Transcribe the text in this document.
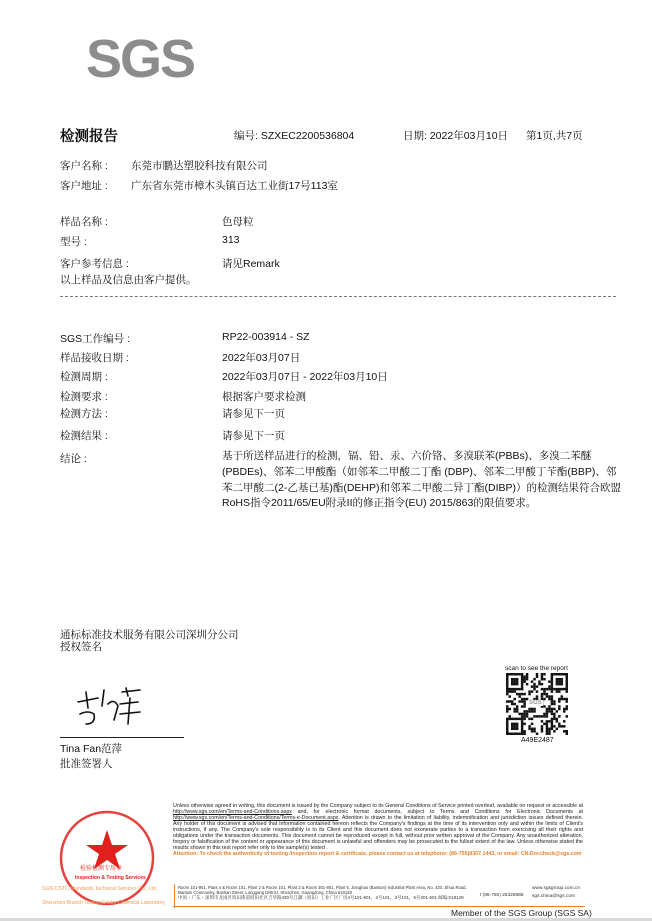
SGS
检测报告	编号: SZXEC2200536804	日期: 2022年03月10日 第1页,共7页
客户名称 : 东莞市鹏达塑胶科技有限公司
客户地址 : 广东省东莞市樟木头镇百达工业街17号113室
样品名称 :	色母粒
型号 :	313
客户参考信息 :	请见Remark
以上样品及信息由客户提供。
SGS工作编号 :	RP22-003914 - SZ
样品接收日期 :	2022年03月07日
检测周期 :	2022年03月07日 - 2022年03月10日
检测要求 :	根据客户要求检测
检测方法 :	请参见下一页
检测结果 :	请参见下一页
结论 :	基于所送样品进行的检测，镉、铅、汞、六价铬、多溴联苯(PBBs)、多溴二苯醚(PBDEs)、邻苯二甲酸酯（如邻苯二甲酸二丁酯 (DBP)、邻苯二甲酸丁苄酯(BBP)、邻苯二甲酸二(2-乙基已基)酯(DEHP)和邻苯二甲酸二异丁酯(DIBP)）的检测结果符合欧盟RoHS指令2011/65/EU附录II的修正指令(EU) 2015/863的限值要求。
通标标准技术服务有限公司深圳分公司
授权签名
Tina Fan范萍
批准签署人
scan to see the report
SGS
A49E2487
检验检测专用章
Inspection & Testing Services
SGS-CSTC Standards Technical Services Co., Ltd.
Shenzhen Branch Testing Center Chemical Laboratory
Unless otherwise agreed in writing, this document is issued by the Company subject to its General Conditions of Service printed overleaf, available on request or accessible at http://www.sgs.com/en/Terms-and-Conditions.aspx and, for electronic format documents, subject to Terms and Conditions for Electronic Documents at http://www.sgs.com/en/Terms-and-Conditions/Terms-e-Document.aspx. Attention is drawn to the limitation of liability, indemnification and jurisdiction issues defined therein. Any holder of this document is advised that information contained hereon reflects the Company's findings at the time of its intervention only and within the limits of Client's instructions, if any. The Company's sole responsibility is to its Client and this document does not exonerate parties to a transaction from exercising all their rights and obligations under the transaction documents. This document cannot be reproduced except in full, without prior written approval of the Company. Any unauthorized alteration, forgery or falsification of the content or appearance of this document is unlawful and offenders may be prosecuted to the fullest extent of the law. Unless otherwise stated the results shown in this test report refer only to the sample(s) tested .
Attention: To check the authenticity of testing /inspection report & certificate, please contact us at telephone: (86-755)8307 1443, or email: CN.Doccheck@sgs.com
Room 101-901, Plant 4 & Room 101, Plant 2 & Room 101, Plant 3 & Room 301-901, Plant 5, Jianghao (Bantian) Industrial Plant Area, No. 430, Jihua Road, Bantian Community, Bantian Street, Longgang District, Shenzhen, Guangdong, China 518129
中国・广东・深圳市龙岗区坂田街道坂田社区吉华路430号江灏（坂田）工业厂区厂房4号101-901，2号101，3号101，5号301-501 邮编:518129	t (86-755) 25328888
www.sgsgroup.com.cn
sgs.china@sgs.com
Member of the SGS Group (SGS SA)
